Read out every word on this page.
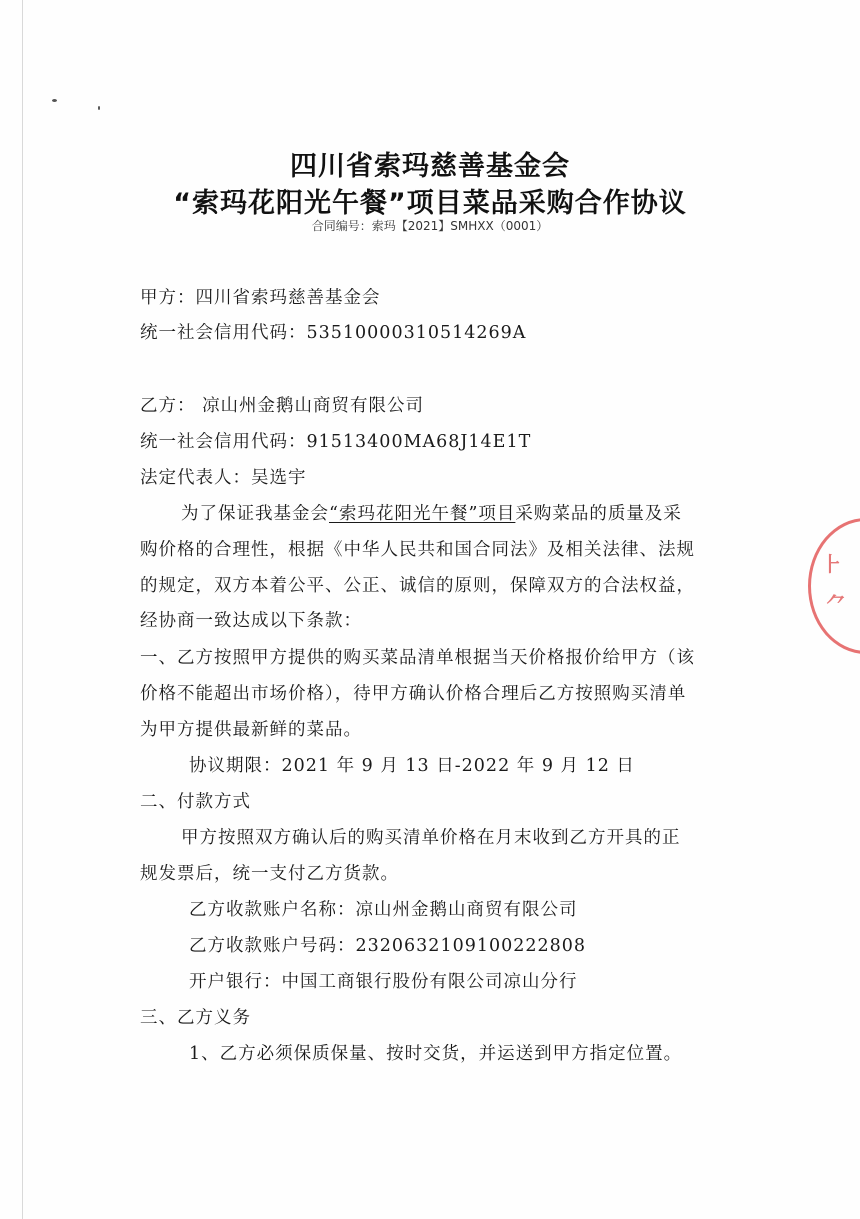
四川省索玛慈善基金会
“索玛花阳光午餐”项目菜品采购合作协议
合同编号：索玛【2021】SMHXX（0001）
甲方：四川省索玛慈善基金会
统一社会信用代码：53510000310514269A
乙方： 凉山州金鹅山商贸有限公司
统一社会信用代码：91513400MA68J14E1T
法定代表人：吴选宇
为了保证我基金会“索玛花阳光午餐”项目采购菜品的质量及采
购价格的合理性，根据《中华人民共和国合同法》及相关法律、法规
的规定，双方本着公平、公正、诚信的原则，保障双方的合法权益，
经协商一致达成以下条款：
一、乙方按照甲方提供的购买菜品清单根据当天价格报价给甲方（该
价格不能超出市场价格），待甲方确认价格合理后乙方按照购买清单
为甲方提供最新鲜的菜品。
协议期限：2021 年 9 月 13 日-2022 年 9 月 12 日
二、付款方式
甲方按照双方确认后的购买清单价格在月末收到乙方开具的正
规发票后，统一支付乙方货款。
乙方收款账户名称：凉山州金鹅山商贸有限公司
乙方收款账户号码：2320632109100222808
开户银行：中国工商银行股份有限公司凉山分行
三、乙方义务
1、乙方必须保质保量、按时交货，并运送到甲方指定位置。
⺊
⺈
